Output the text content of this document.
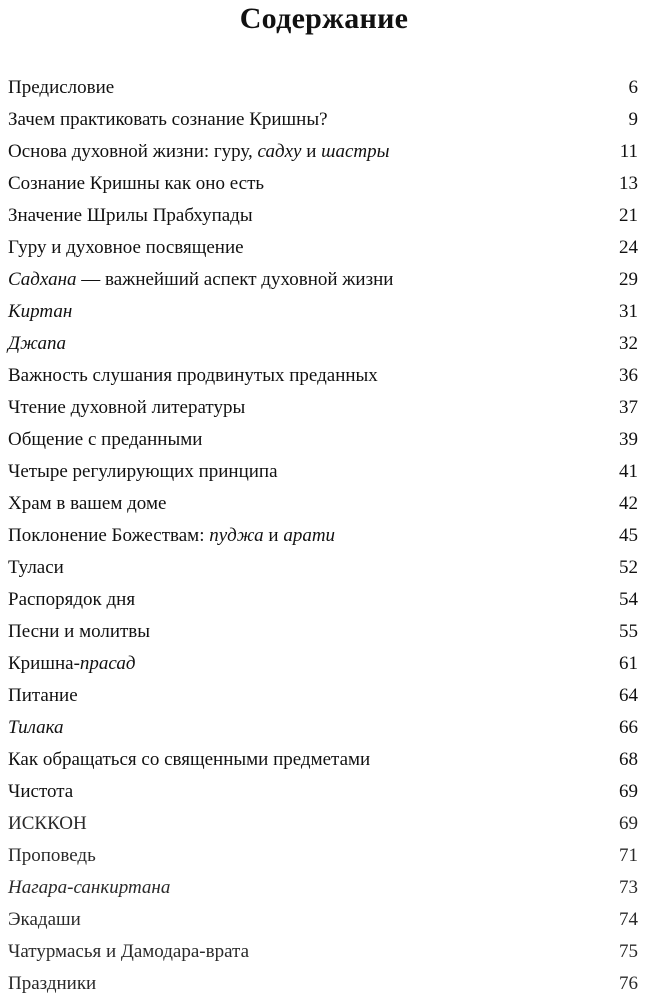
Содержание
Предисловие	6
Зачем практиковать сознание Кришны?	9
Основа духовной жизни: гуру, садху и шастры	11
Сознание Кришны как оно есть	13
Значение Шрилы Прабхупады	21
Гуру и духовное посвящение	24
Садхана — важнейший аспект духовной жизни	29
Киртан	31
Джапа	32
Важность слушания продвинутых преданных	36
Чтение духовной литературы	37
Общение с преданными	39
Четыре регулирующих принципа	41
Храм в вашем доме	42
Поклонение Божествам: пуджа и арати	45
Туласи	52
Распорядок дня	54
Песни и молитвы	55
Кришна-прасад	61
Питание	64
Тилака	66
Как обращаться со священными предметами	68
Чистота	69
ИСККОН	69
Проповедь	71
Нагара-санкиртана	73
Экадаши	74
Чатурмасья и Дамодара-врата	75
Праздники	76
